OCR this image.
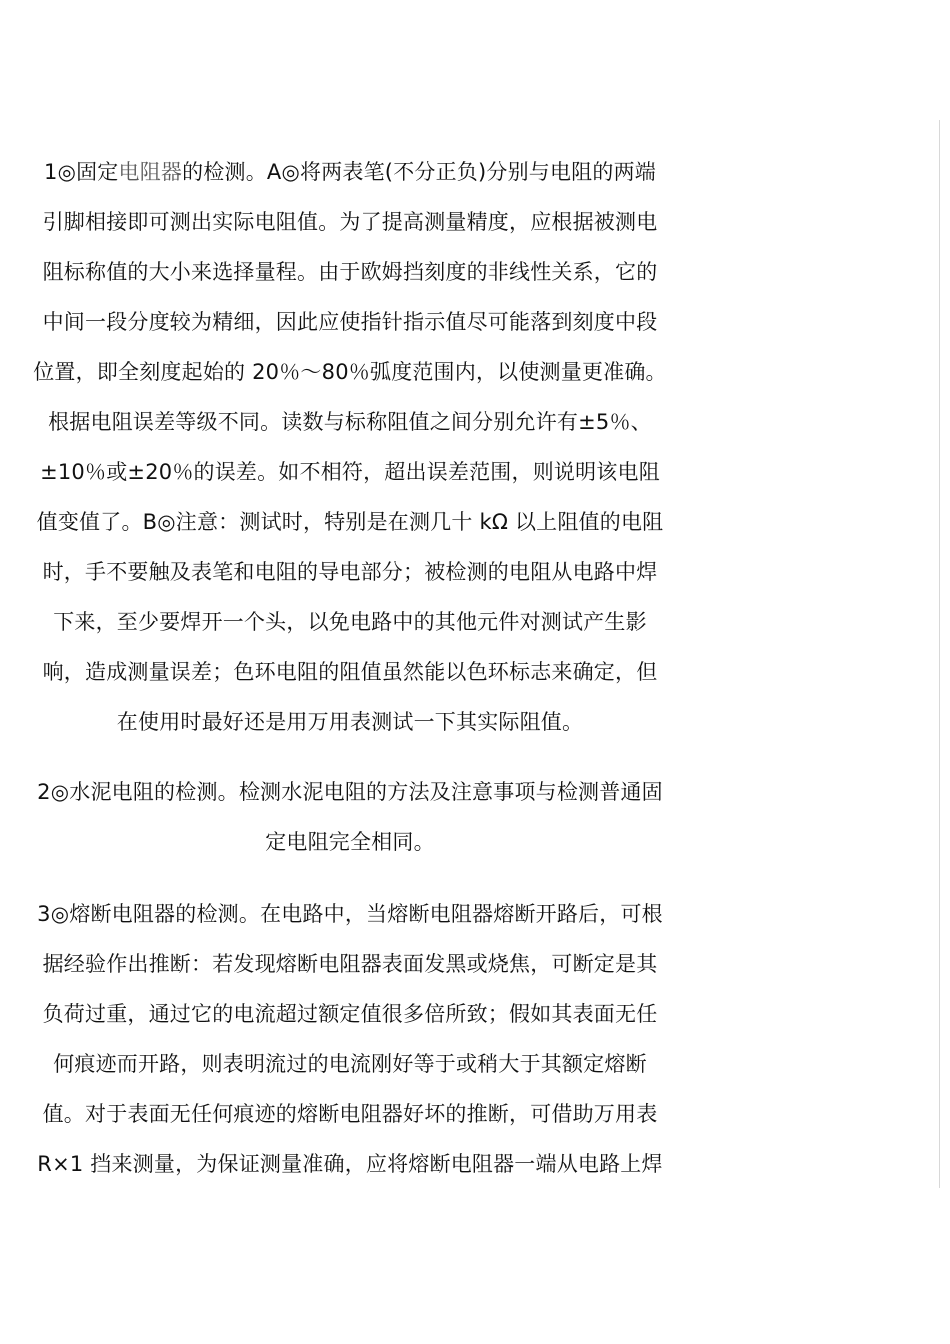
1◎固定电阻器的检测。A◎将两表笔(不分正负)分别与电阻的两端
引脚相接即可测出实际电阻值。为了提高测量精度，应根据被测电
阻标称值的大小来选择量程。由于欧姆挡刻度的非线性关系，它的
中间一段分度较为精细，因此应使指针指示值尽可能落到刻度中段
位置，即全刻度起始的 20％～80％弧度范围内，以使测量更准确。
根据电阻误差等级不同。读数与标称阻值之间分别允许有±5％、
±10％或±20％的误差。如不相符，超出误差范围，则说明该电阻
值变值了。B◎注意：测试时，特别是在测几十 kΩ 以上阻值的电阻
时，手不要触及表笔和电阻的导电部分；被检测的电阻从电路中焊
下来，至少要焊开一个头，以免电路中的其他元件对测试产生影
响，造成测量误差；色环电阻的阻值虽然能以色环标志来确定，但
在使用时最好还是用万用表测试一下其实际阻值。
2◎水泥电阻的检测。检测水泥电阻的方法及注意事项与检测普通固
定电阻完全相同。
3◎熔断电阻器的检测。在电路中，当熔断电阻器熔断开路后，可根
据经验作出推断：若发现熔断电阻器表面发黑或烧焦，可断定是其
负荷过重，通过它的电流超过额定值很多倍所致；假如其表面无任
何痕迹而开路，则表明流过的电流刚好等于或稍大于其额定熔断
值。对于表面无任何痕迹的熔断电阻器好坏的推断，可借助万用表
R×1 挡来测量，为保证测量准确，应将熔断电阻器一端从电路上焊
